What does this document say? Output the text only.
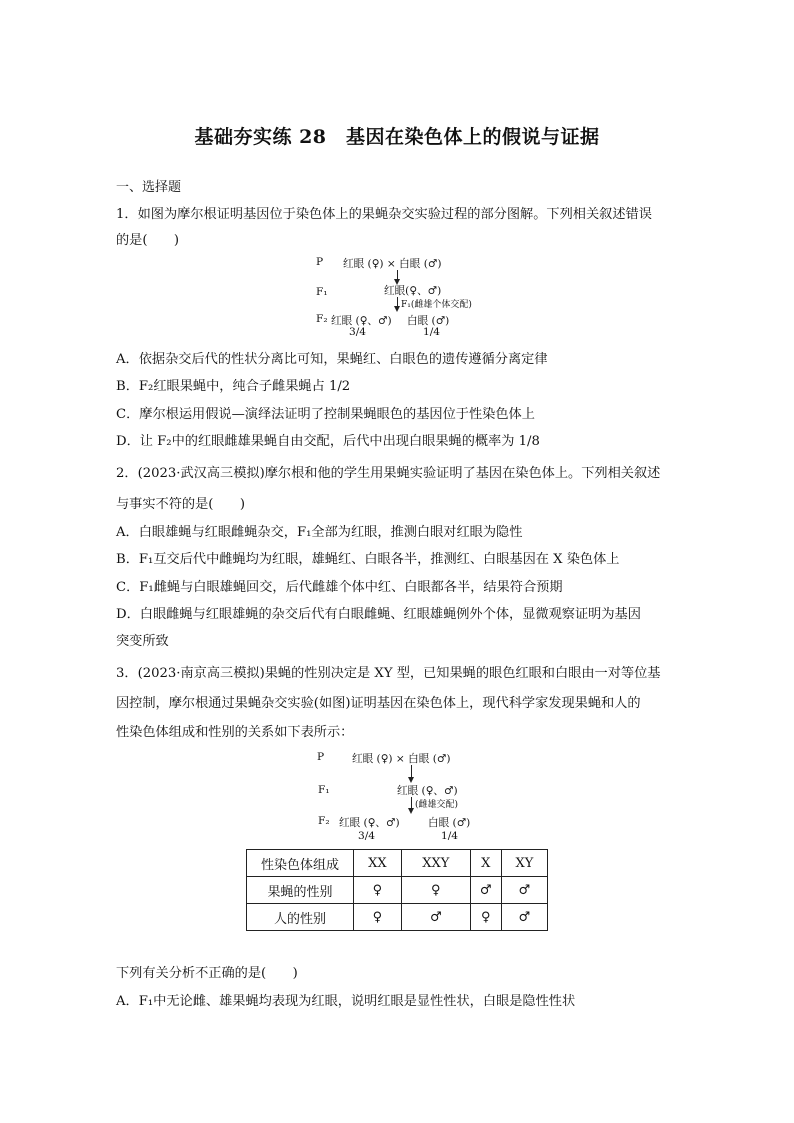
基础夯实练 28　基因在染色体上的假说与证据
一、选择题
1．如图为摩尔根证明基因位于染色体上的果蝇杂交实验过程的部分图解。下列相关叙述错误
的是(　　)
P 红眼 (♀) × 白眼 (♂)
F₁	红眼(♀、♂)
F₁(雌雄个体交配)
F₂ 红眼 (♀、♂) 白眼 (♂)
3/4	1/4
A．依据杂交后代的性状分离比可知，果蝇红、白眼色的遗传遵循分离定律
B．F₂红眼果蝇中，纯合子雌果蝇占 1/2
C．摩尔根运用假说—演绎法证明了控制果蝇眼色的基因位于性染色体上
D．让 F₂中的红眼雌雄果蝇自由交配，后代中出现白眼果蝇的概率为 1/8
2．(2023·武汉高三模拟)摩尔根和他的学生用果蝇实验证明了基因在染色体上。下列相关叙述
与事实不符的是(　　)
A．白眼雄蝇与红眼雌蝇杂交，F₁全部为红眼，推测白眼对红眼为隐性
B．F₁互交后代中雌蝇均为红眼，雄蝇红、白眼各半，推测红、白眼基因在 X 染色体上
C．F₁雌蝇与白眼雄蝇回交，后代雌雄个体中红、白眼都各半，结果符合预期
D．白眼雌蝇与红眼雄蝇的杂交后代有白眼雌蝇、红眼雄蝇例外个体，显微观察证明为基因
突变所致
3．(2023·南京高三模拟)果蝇的性别决定是 XY 型，已知果蝇的眼色红眼和白眼由一对等位基
因控制，摩尔根通过果蝇杂交实验(如图)证明基因在染色体上，现代科学家发现果蝇和人的
性染色体组成和性别的关系如下表所示：
P	红眼 (♀) × 白眼 (♂)
F₁	红眼 (♀、♂)
(雌雄交配)
F₂ 红眼 (♀、♂)	白眼 (♂)
3/4	1/4
性染色体组成	XX	XXY	X	XY
果蝇的性别	♀	♀	♂	♂
人的性别	♀	♂	♀	♂
下列有关分析不正确的是(　　)
A．F₁中无论雌、雄果蝇均表现为红眼，说明红眼是显性性状，白眼是隐性性状
